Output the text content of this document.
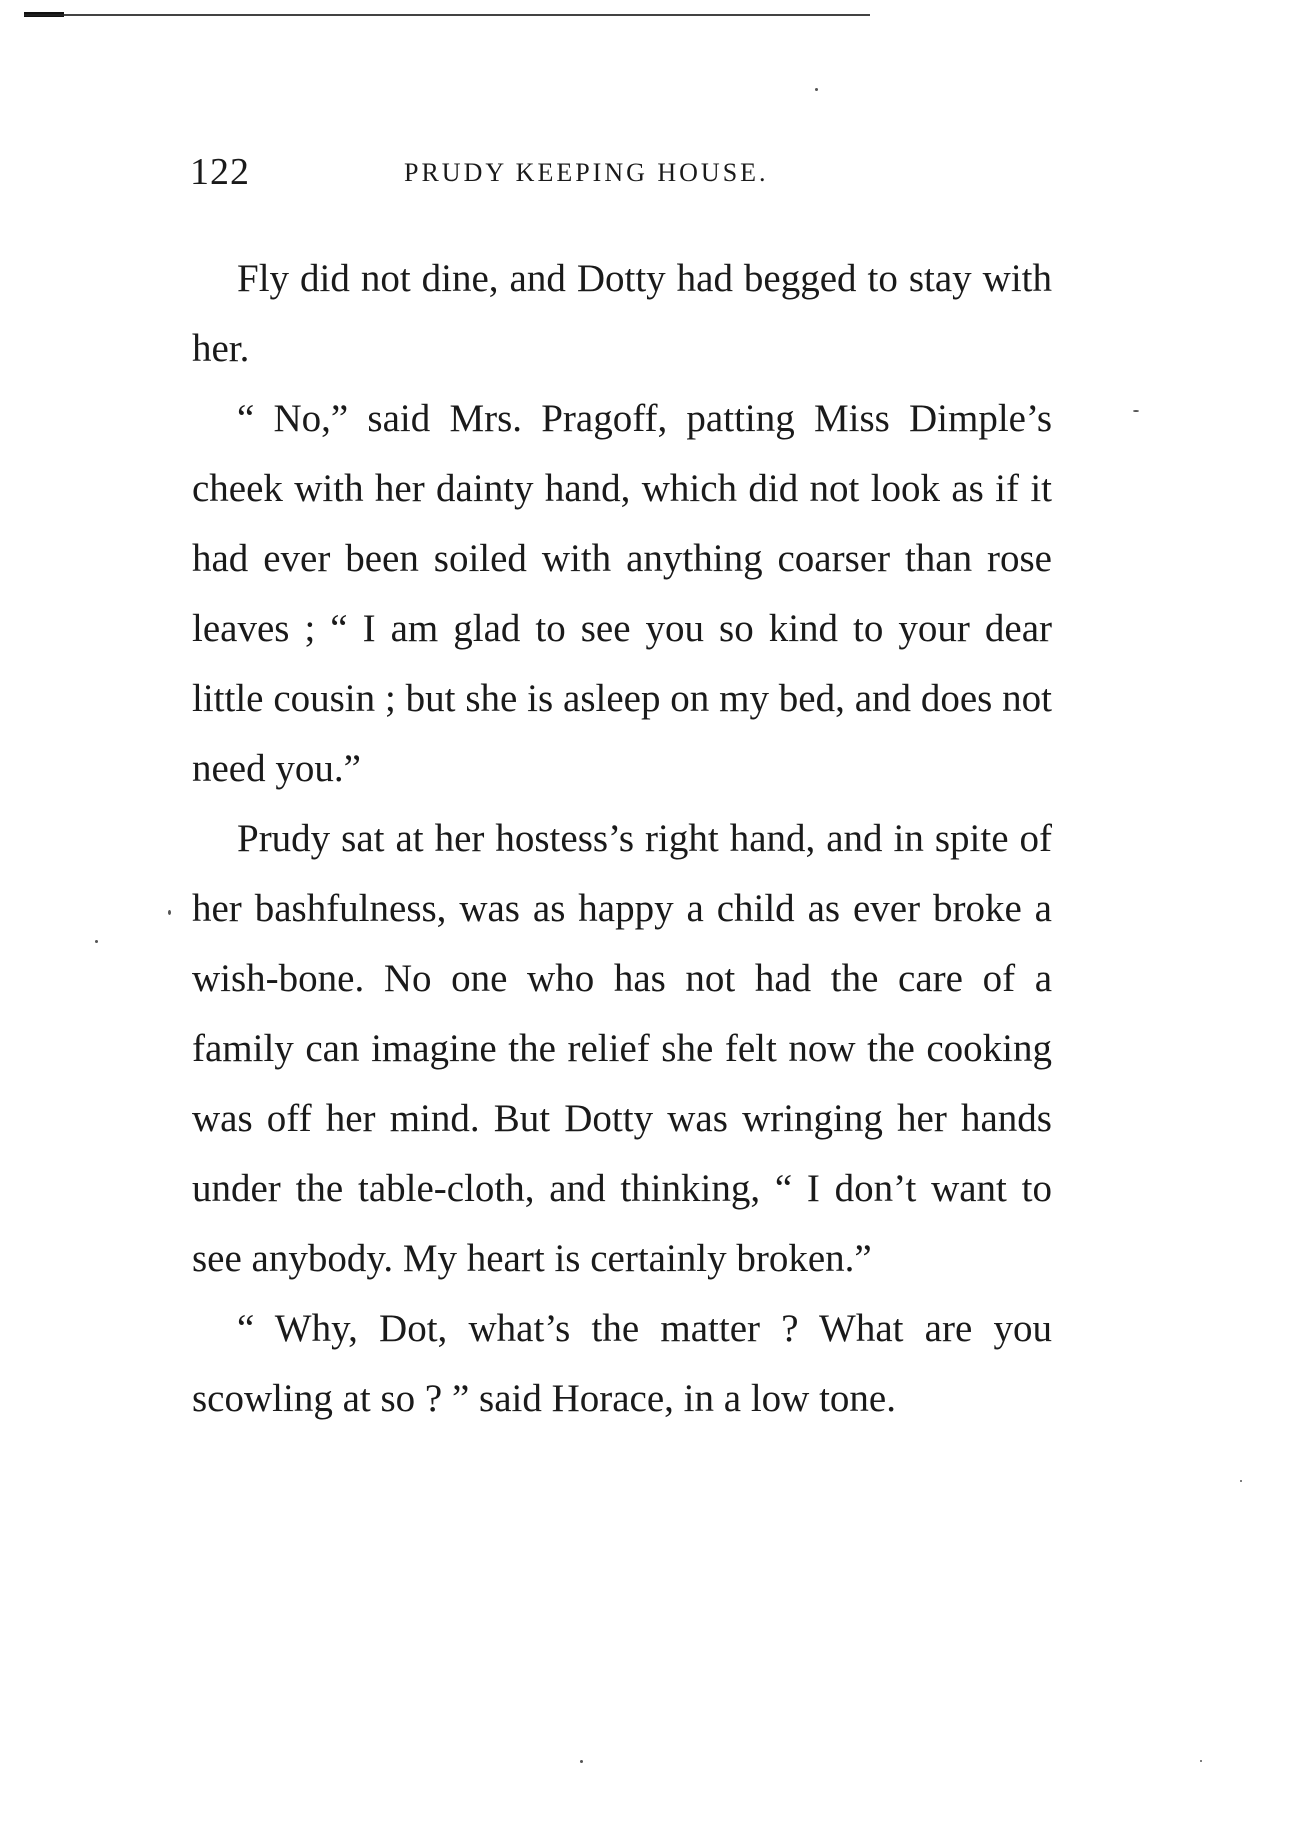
122	PRUDY KEEPING HOUSE.

Fly did not dine, and Dotty had begged to stay with her.

“ No,” said Mrs. Pragoff, patting Miss Dimple’s cheek with her dainty hand, which did not look as if it had ever been soiled with anything coarser than rose leaves ; “ I am glad to see you so kind to your dear little cousin ; but she is asleep on my bed, and does not need you.”

Prudy sat at her hostess’s right hand, and in spite of her bashfulness, was as happy a child as ever broke a wish-bone. No one who has not had the care of a family can imagine the relief she felt now the cooking was off her mind. But Dotty was wringing her hands under the table-cloth, and thinking, “ I don’t want to see anybody. My heart is certainly broken.”

“ Why, Dot, what’s the matter ? What are you scowling at so ? ” said Horace, in a low tone.
